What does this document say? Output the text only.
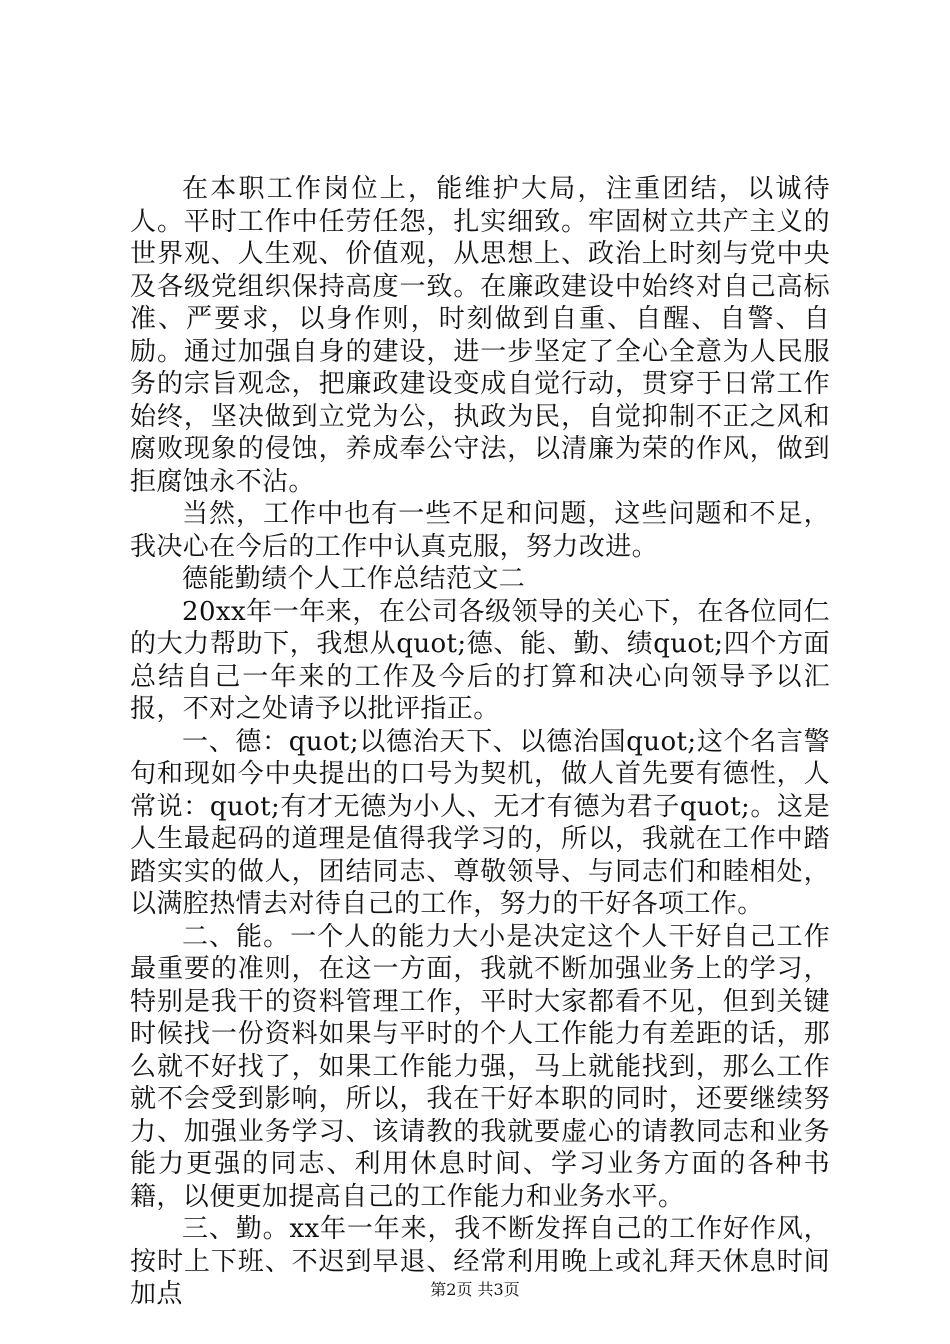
在本职工作岗位上，能维护大局，注重团结，以诚待人。平时工作中任劳任怨，扎实细致。牢固树立共产主义的世界观、人生观、价值观，从思想上、政治上时刻与党中央及各级党组织保持高度一致。在廉政建设中始终对自己高标准、严要求，以身作则，时刻做到自重、自醒、自警、自励。通过加强自身的建设，进一步坚定了全心全意为人民服务的宗旨观念，把廉政建设变成自觉行动，贯穿于日常工作始终，坚决做到立党为公，执政为民，自觉抑制不正之风和腐败现象的侵蚀，养成奉公守法，以清廉为荣的作风，做到拒腐蚀永不沾。

当然，工作中也有一些不足和问题，这些问题和不足，我决心在今后的工作中认真克服，努力改进。

德能勤绩个人工作总结范文二

20xx年一年来，在公司各级领导的关心下，在各位同仁的大力帮助下，我想从quot;德、能、勤、绩quot;四个方面总结自己一年来的工作及今后的打算和决心向领导予以汇报，不对之处请予以批评指正。

一、德：quot;以德治天下、以德治国quot;这个名言警句和现如今中央提出的口号为契机，做人首先要有德性，人常说：quot;有才无德为小人、无才有德为君子quot;。这是人生最起码的道理是值得我学习的，所以，我就在工作中踏踏实实的做人，团结同志、尊敬领导、与同志们和睦相处，以满腔热情去对待自己的工作，努力的干好各项工作。

二、能。一个人的能力大小是决定这个人干好自己工作最重要的准则，在这一方面，我就不断加强业务上的学习，特别是我干的资料管理工作，平时大家都看不见，但到关键时候找一份资料如果与平时的个人工作能力有差距的话，那么就不好找了，如果工作能力强，马上就能找到，那么工作就不会受到影响，所以，我在干好本职的同时，还要继续努力、加强业务学习、该请教的我就要虚心的请教同志和业务能力更强的同志、利用休息时间、学习业务方面的各种书籍，以便更加提高自己的工作能力和业务水平。

三、勤。xx年一年来，我不断发挥自己的工作好作风，按时上下班、不迟到早退、经常利用晚上或礼拜天休息时间加点	第2页 共3页
